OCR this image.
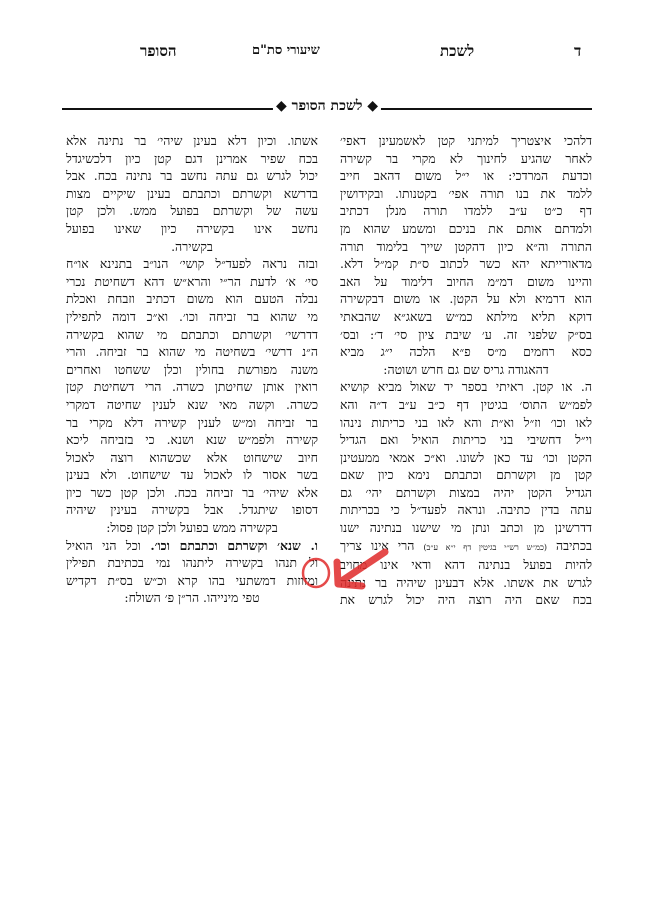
ד
לשכת
שיעורי סת"ם
הסופר
◆ לשכת הסופר ◆
דלהכי איצטריך למיתני קטן לאשמעינן דאפי׳
לאחר שהגיע לחינוך לא מקרי בר קשירה
וכדעת המרדכי: או י״ל משום דהאב חייב
ללמד את בנו תורה אפי׳ בקטנותו. ובקידושין
דף כ״ט ע״ב ללמדו תורה מנלן דכתיב
ולמדתם אותם את בניכם ומשמע שהוא מן
התורה וה״א כיון דהקטן שייך בלימוד תורה
מדאורייתא יהא כשר לכתוב ס״ת קמ״ל דלא.
והיינו משום דמ״מ החיוב דלימוד על האב
הוא דרמיא ולא על הקטן. או משום דבקשירה
דוקא תליא מילתא כמ״ש בשאג״א שהבאתי
בס״ק שלפני זה. ע׳ שיבת ציון סי׳ ד׳: ובס׳
כסא רחמים מ״ס פ״א הלכה י״ג מביא
דהאגודה גריס שם גם חרש ושוטה:
ה. או קטן. ראיתי בספר יד שאול מביא קושיא
לפמ״ש התוס׳ בגיטין דף כ״ב ע״ב ד״ה והא
לאו וכו׳ וז״ל וא״ת והא לאו בני כריתות נינהו
וי״ל דחשיבי בני כריתות הואיל ואם הגדיל
הקטן וכו׳ עד כאן לשונו. וא״כ אמאי ממעטינן
קטן מן וקשרתם וכתבתם נימא כיון שאם
הגדיל הקטן יהיה במצות וקשרתם יהי׳ גם
עתה בדין כתיבה. ונראה לפעד״ל כי בכריתות
דדרשינן מן וכתב ונתן מי שישנו בנתינה ישנו
בכתיבה (כמ״ש רש״י בגיטין דף י״א ע״ב) הרי אינו צריך
להיות בפועל בנתינה דהא ודאי אינו מחויב
לגרש את אשתו. אלא דבעינן שיהיה בר נתינה
בכח שאם היה רוצה היה יכול לגרש את
אשתו. וכיון דלא בעינן שיהי׳ בר נתינה אלא
בכח שפיר אמרינן דגם קטן כיון דלכשיגדל
יכול לגרש גם עתה נחשב בר נתינה בכח. אבל
בדרשא וקשרתם וכתבתם בעינן שיקיים מצות
עשה של וקשרתם בפועל ממש. ולכן קטן
נחשב אינו בקשירה כיון שאינו בפועל
בקשירה.
ובזה נראה לפעד״ל קושי׳ הנו״ב בתנינא או״ח
סי׳ א׳ לדעת הר״י והרא״ש דהא דשחיטת נכרי
נבלה הטעם הוא משום דכתיב וזבחת ואכלת
מי שהוא בר זביחה וכו׳. וא״כ דומה לתפילין
דדרשי׳ וקשרתם וכתבתם מי שהוא בקשירה
ה״נ דרשי׳ בשחיטה מי שהוא בר זביחה. והרי
משנה מפורשת בחולין וכלן ששחטו ואחרים
רואין אותן שחיטתן כשרה. הרי דשחיטת קטן
כשרה. וקשה מאי שנא לענין שחיטה דמקרי
בר זביחה ומ״ש לענין קשירה דלא מקרי בר
קשירה ולפמ״ש שנא ושנא. כי בזביחה ליכא
חיוב שישחוט אלא שכשהוא רוצה לאכול
בשר אסור לו לאכול עד שישחוט. ולא בעינן
אלא שיהי׳ בר זביחה בכח. ולכן קטן כשר כיון
דסופו שיתגדל. אבל בקשירה בעינין שיהיה
בקשירה ממש בפועל ולכן קטן פסול:
ו. שנא׳ וקשרתם וכתבתם וכו׳. וכל הני הואיל
ול תנהו בקשירה ליתנהו נמי בכתיבת תפילין
ומזוזות דמשתעי בהו קרא וכ״ש בס״ת דקדיש
טפי מינייהו. הר״ן פ׳ השולח:
